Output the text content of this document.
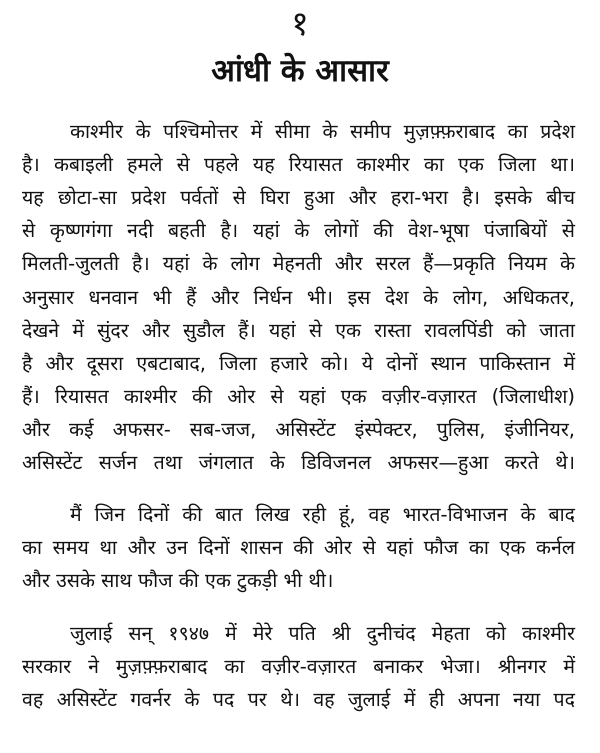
१
आंधी के आसार
काश्मीर के पश्चिमोत्तर में सीमा के समीप मुज़फ़्फ़राबाद का प्रदेश
है। कबाइली हमले से पहले यह रियासत काश्मीर का एक जिला था।
यह छोटा-सा प्रदेश पर्वतों से घिरा हुआ और हरा-भरा है। इसके बीच
से कृष्णगंगा नदी बहती है। यहां के लोगों की वेश-भूषा पंजाबियों से
मिलती-जुलती है। यहां के लोग मेहनती और सरल हैं—प्रकृति नियम के
अनुसार धनवान भी हैं और निर्धन भी। इस देश के लोग, अधिकतर,
देखने में सुंदर और सुडौल हैं। यहां से एक रास्ता रावलपिंडी को जाता
है और दूसरा एबटाबाद, जिला हजारे को। ये दोनों स्थान पाकिस्तान में
हैं। रियासत काश्मीर की ओर से यहां एक वज़ीर-वज़ारत (जिलाधीश)
और कई अफसर- सब-जज, असिस्टेंट इंस्पेक्टर, पुलिस, इंजीनियर,
असिस्टेंट सर्जन तथा जंगलात के डिविजनल अफसर—हुआ करते थे।
मैं जिन दिनों की बात लिख रही हूं, वह भारत-विभाजन के बाद
का समय था और उन दिनों शासन की ओर से यहां फौज का एक कर्नल
और उसके साथ फौज की एक टुकड़ी भी थी।
जुलाई सन् १९४७ में मेरे पति श्री दुनीचंद मेहता को काश्मीर
सरकार ने मुज़फ़्फ़राबाद का वज़ीर-वज़ारत बनाकर भेजा। श्रीनगर में
वह असिस्टेंट गवर्नर के पद पर थे। वह जुलाई में ही अपना नया पद
